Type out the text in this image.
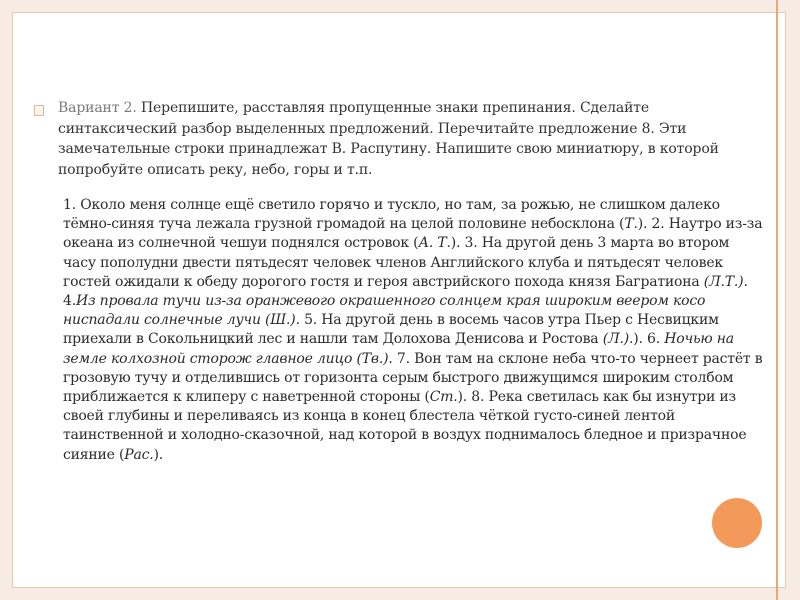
Вариант 2. Перепишите, расставляя пропущенные знаки препинания. Сделайте синтаксический разбор выделенных предложений. Перечитайте предложение 8. Эти замечательные строки принадлежат В. Распутину. Напишите свою миниатюру, в которой попробуйте описать реку, небо, горы и т.п.

1. Около меня солнце ещё светило горячо и тускло, но там, за рожью, не слишком далеко тёмно-синяя туча лежала грузной громадой на целой половине небосклона (Т.). 2. Наутро из-за океана из солнечной чешуи поднялся островок (А. Т.). 3. На другой день 3 марта во втором часу пополудни двести пятьдесят человек членов Английского клуба и пятьдесят человек гостей ожидали к обеду дорогого гостя и героя австрийского похода князя Багратиона (Л.Т.). 4.Из провала тучи из-за оранжевого окрашенного солнцем края широким веером косо ниспадали солнечные лучи (Ш.). 5. На другой день в восемь часов утра Пьер с Несвицким приехали в Сокольницкий лес и нашли там Долохова Денисова и Ростова (Л.).). 6. Ночью на земле колхозной сторож главное лицо (Тв.). 7. Вон там на склоне неба что-то чернеет растёт в грозовую тучу и отделившись от горизонта серым быстрого движущимся широким столбом приближается к клиперу с наветренной стороны (Ст.). 8. Река светилась как бы изнутри из своей глубины и переливаясь из конца в конец блестела чёткой густо-синей лентой таинственной и холодно-сказочной, над которой в воздух поднималось бледное и призрачное сияние (Рас.).
